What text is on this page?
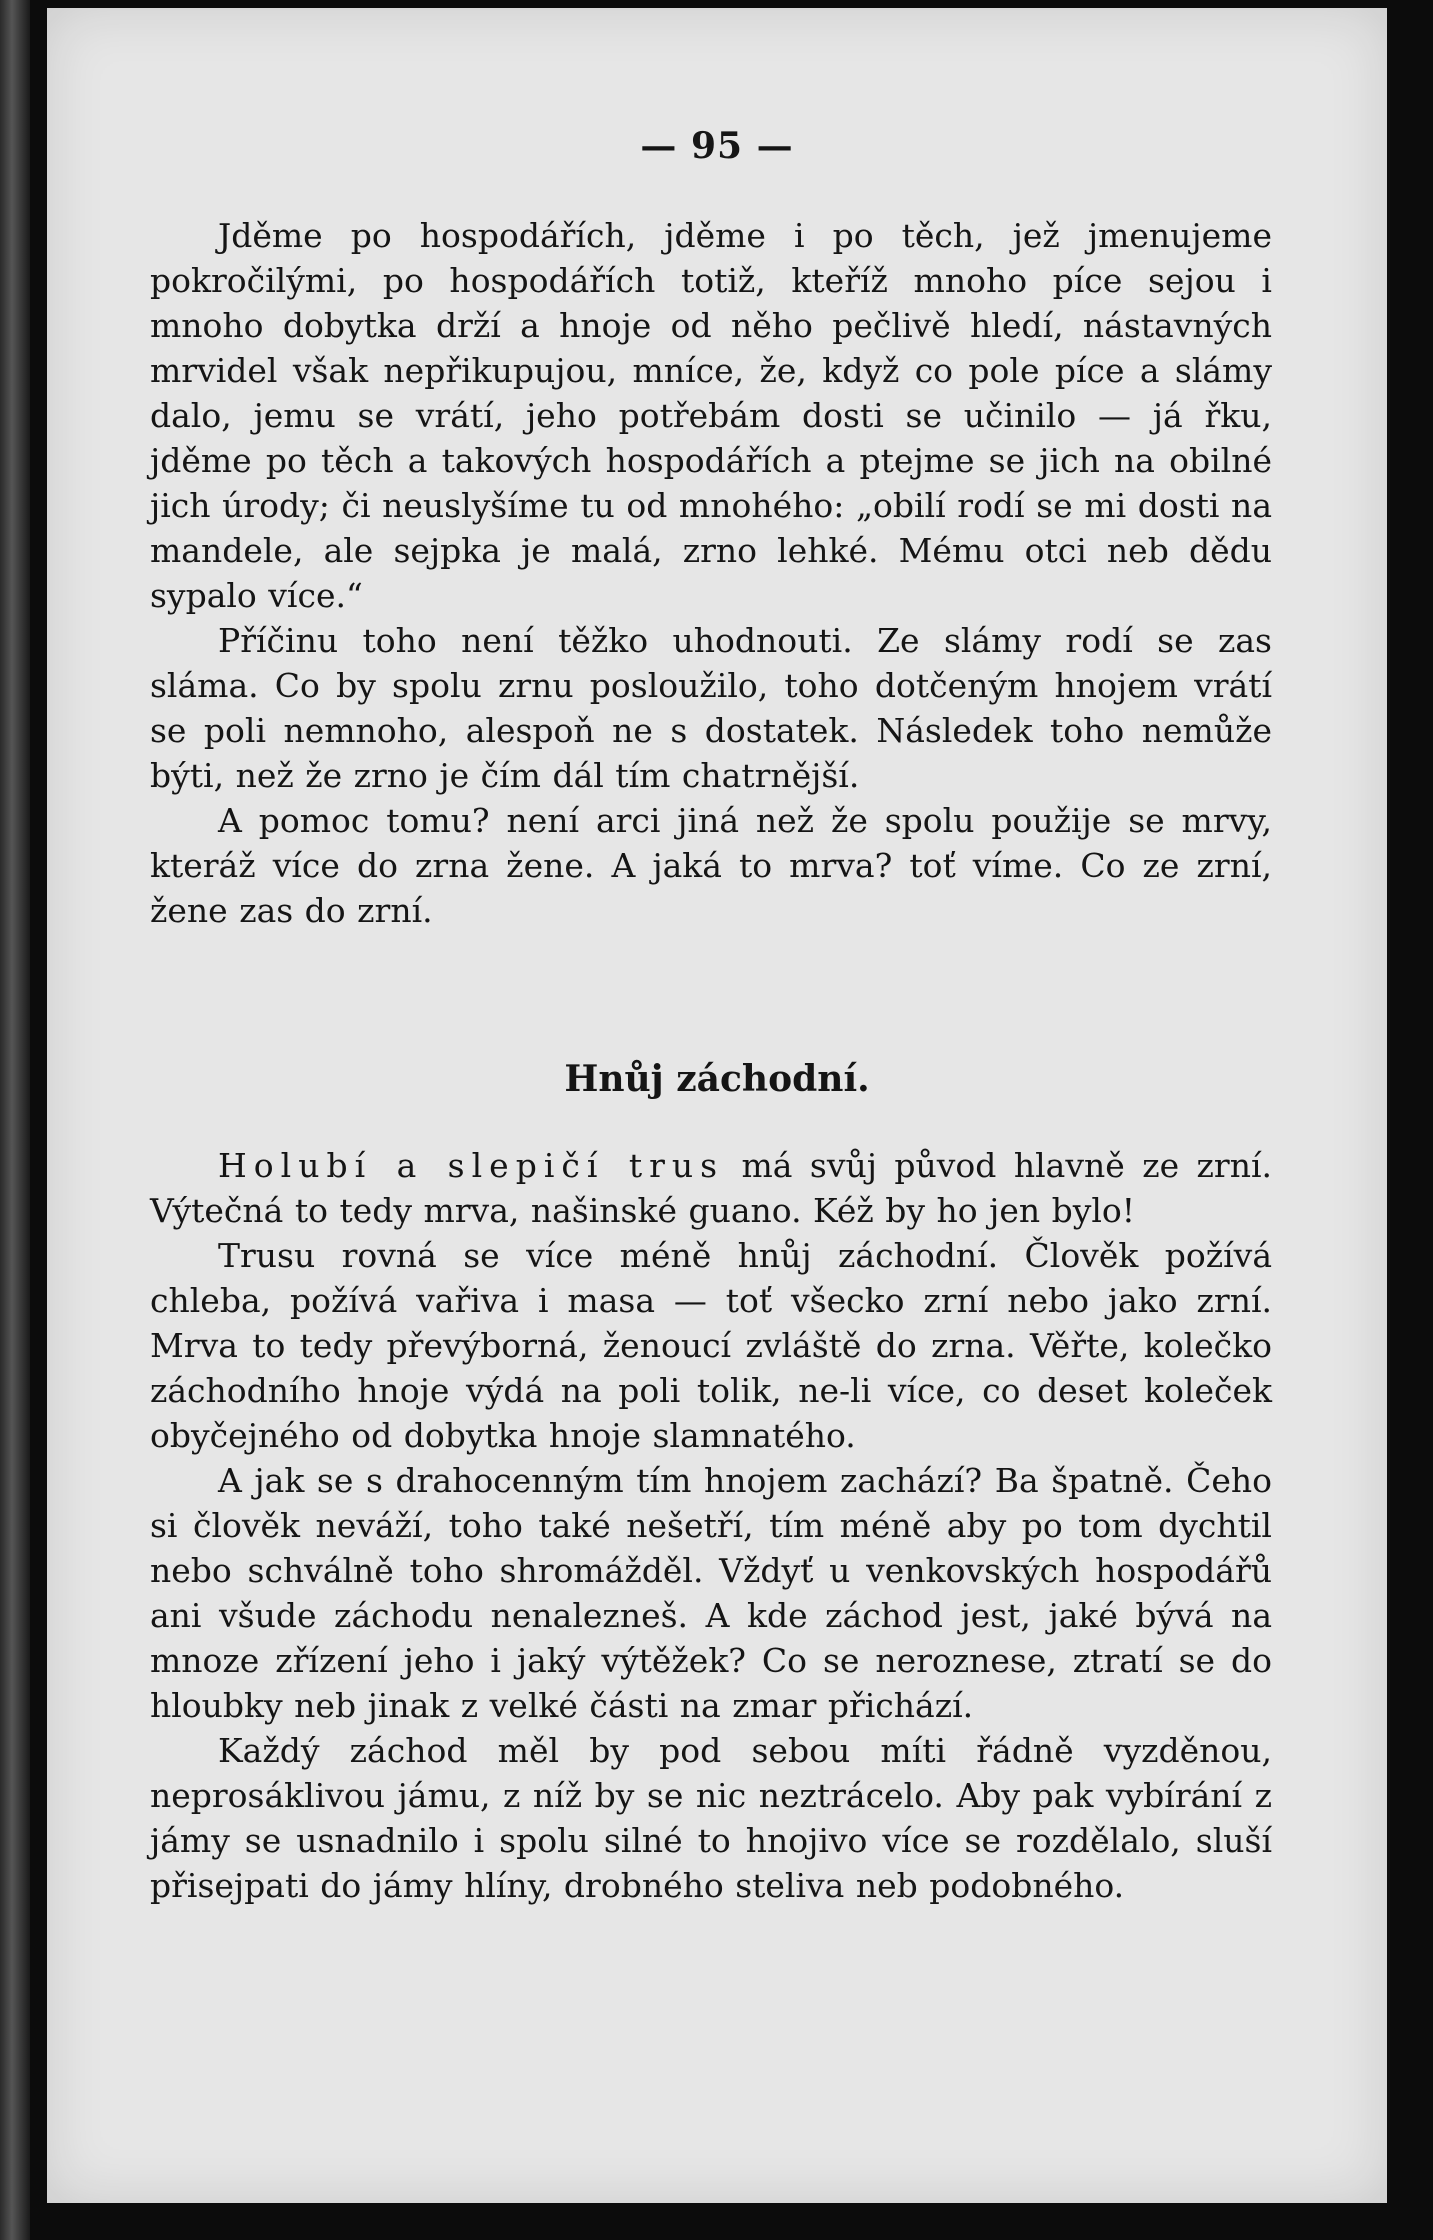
— 95 —

Jděme po hospodářích, jděme i po těch, jež jmenujeme pokročilými, po hospodářích totiž, kteříž mnoho píce sejou i mnoho dobytka drží a hnoje od něho pečlivě hledí, nástavných mrvidel však nepřikupujou, mníce, že, když co pole píce a slámy dalo, jemu se vrátí, jeho potřebám dosti se učinilo — já řku, jděme po těch a takových hospodářích a ptejme se jich na obilné jich úrody; či neuslyšíme tu od mnohého: „obilí rodí se mi dosti na mandele, ale sejpka je malá, zrno lehké. Mému otci neb dědu sypalo více.“

Příčinu toho není těžko uhodnouti. Ze slámy rodí se zas sláma. Co by spolu zrnu posloužilo, toho dotčeným hnojem vrátí se poli nemnoho, alespoň ne s dostatek. Následek toho nemůže býti, než že zrno je čím dál tím chatrnější.

A pomoc tomu? není arci jiná než že spolu použije se mrvy, kteráž více do zrna žene. A jaká to mrva? toť víme. Co ze zrní, žene zas do zrní.

Hnůj záchodní.

Holubí a slepičí trus má svůj původ hlavně ze zrní. Výtečná to tedy mrva, našinské guano. Kéž by ho jen bylo!

Trusu rovná se více méně hnůj záchodní. Člověk požívá chleba, požívá vařiva i masa — toť všecko zrní nebo jako zrní. Mrva to tedy převýborná, ženoucí zvláště do zrna. Věřte, kolečko záchodního hnoje výdá na poli tolik, ne-li více, co deset koleček obyčejného od dobytka hnoje slamnatého.

A jak se s drahocenným tím hnojem zachází? Ba špatně. Čeho si člověk neváží, toho také nešetří, tím méně aby po tom dychtil nebo schválně toho shromážděl. Vždyť u venkovských hospodářů ani všude záchodu nenalezneš. A kde záchod jest, jaké bývá na mnoze zřízení jeho i jaký výtěžek? Co se neroznese, ztratí se do hloubky neb jinak z velké části na zmar přichází.

Každý záchod měl by pod sebou míti řádně vyzděnou, neprosáklivou jámu, z níž by se nic neztrácelo. Aby pak vybírání z jámy se usnadnilo i spolu silné to hnojivo více se rozdělalo, sluší přisejpati do jámy hlíny, drobného steliva neb podobného.
